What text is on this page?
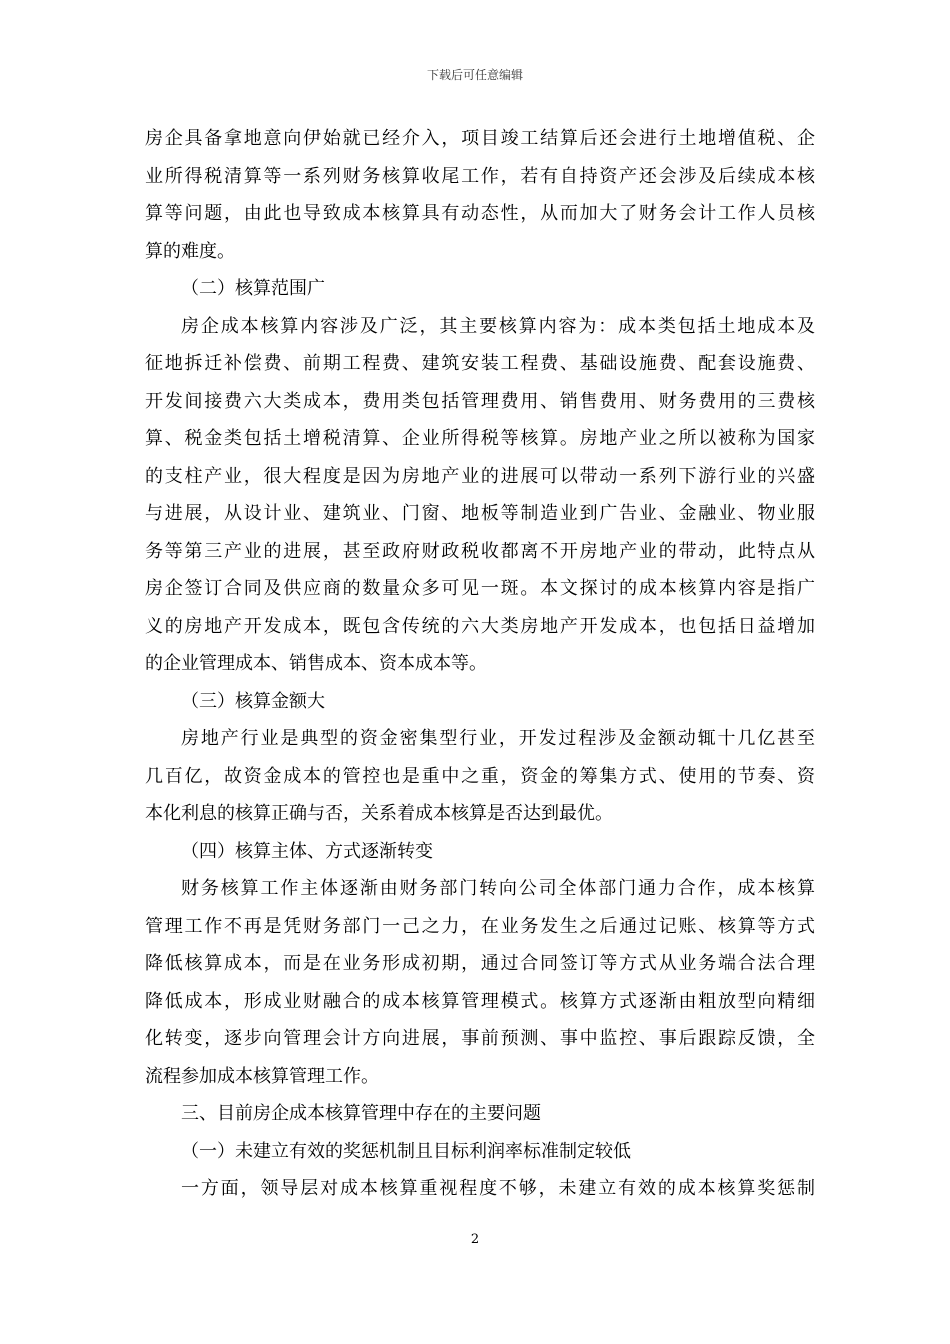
下载后可任意编辑
房企具备拿地意向伊始就已经介入，项目竣工结算后还会进行土地增值税、企
业所得税清算等一系列财务核算收尾工作，若有自持资产还会涉及后续成本核
算等问题，由此也导致成本核算具有动态性，从而加大了财务会计工作人员核
算的难度。
（二）核算范围广
房企成本核算内容涉及广泛，其主要核算内容为：成本类包括土地成本及
征地拆迁补偿费、前期工程费、建筑安装工程费、基础设施费、配套设施费、
开发间接费六大类成本，费用类包括管理费用、销售费用、财务费用的三费核
算、税金类包括土增税清算、企业所得税等核算。房地产业之所以被称为国家
的支柱产业，很大程度是因为房地产业的进展可以带动一系列下游行业的兴盛
与进展，从设计业、建筑业、门窗、地板等制造业到广告业、金融业、物业服
务等第三产业的进展，甚至政府财政税收都离不开房地产业的带动，此特点从
房企签订合同及供应商的数量众多可见一斑。本文探讨的成本核算内容是指广
义的房地产开发成本，既包含传统的六大类房地产开发成本，也包括日益增加
的企业管理成本、销售成本、资本成本等。
（三）核算金额大
房地产行业是典型的资金密集型行业，开发过程涉及金额动辄十几亿甚至
几百亿，故资金成本的管控也是重中之重，资金的筹集方式、使用的节奏、资
本化利息的核算正确与否，关系着成本核算是否达到最优。
（四）核算主体、方式逐渐转变
财务核算工作主体逐渐由财务部门转向公司全体部门通力合作，成本核算
管理工作不再是凭财务部门一己之力，在业务发生之后通过记账、核算等方式
降低核算成本，而是在业务形成初期，通过合同签订等方式从业务端合法合理
降低成本，形成业财融合的成本核算管理模式。核算方式逐渐由粗放型向精细
化转变，逐步向管理会计方向进展，事前预测、事中监控、事后跟踪反馈，全
流程参加成本核算管理工作。
三、目前房企成本核算管理中存在的主要问题
（一）未建立有效的奖惩机制且目标利润率标准制定较低
一方面，领导层对成本核算重视程度不够，未建立有效的成本核算奖惩制
2
